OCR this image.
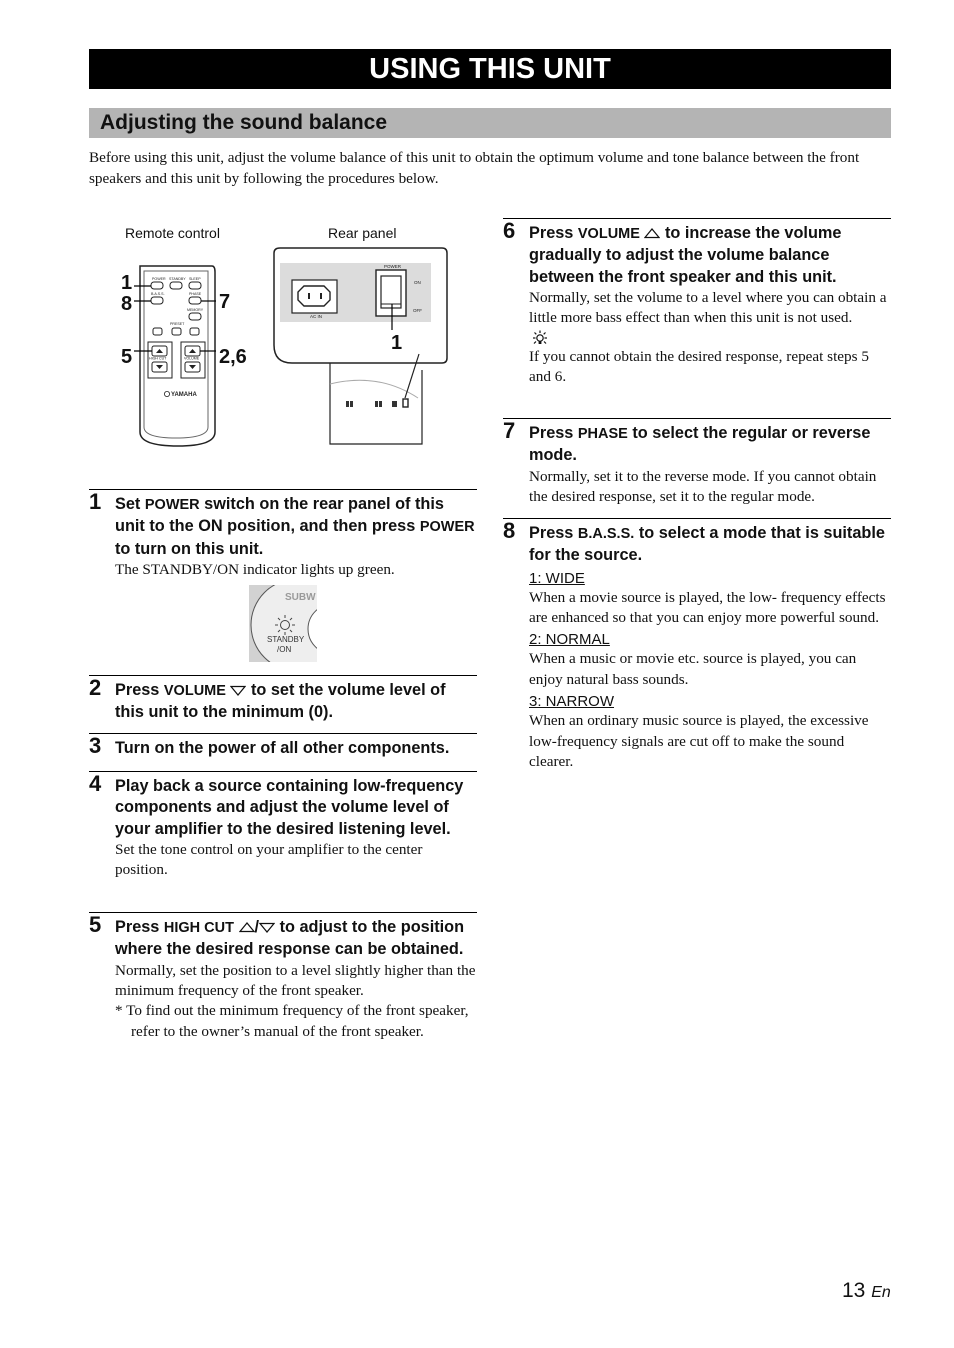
USING THIS UNIT
Adjusting the sound balance

Before using this unit, adjust the volume balance of this unit to obtain the optimum volume and tone balance between the front speakers and this unit by following the procedures below.

Remote control	Rear panel
POWER STANDBY SLEEP
B.A.S.S.	PHASE
MEMORY
PRESET
HIGH CUT	VOLUME
YAMAHA
1
8	7
5	2,6
POWER
ON
OFF
AC IN
1
1 Set POWER switch on the rear panel of this unit to the ON position, and then press POWER to turn on this unit.

The STANDBY/ON indicator lights up green.

SUBW
STANDBY
/ON
2 Press VOLUME  to set the volume level of this unit to the minimum (0).

3 Turn on the power of all other components.

4 Play back a source containing low-frequency components and adjust the volume level of your amplifier to the desired listening level.

Set the tone control on your amplifier to the center position.

5 Press HIGH CUT / to adjust to the position where the desired response can be obtained.

Normally, set the position to a level slightly higher than the minimum frequency of the front speaker.

* To find out the minimum frequency of the front speaker, refer to the owner’s manual of the front speaker.

6 Press VOLUME  to increase the volume gradually to adjust the volume balance between the front speaker and this unit.

Normally, set the volume to a level where you can obtain a little more bass effect than when this unit is not used.

If you cannot obtain the desired response, repeat steps 5 and 6.

7 Press PHASE to select the regular or reverse mode.

Normally, set it to the reverse mode. If you cannot obtain the desired response, set it to the regular mode.

8 Press B.A.S.S. to select a mode that is suitable for the source.

1: WIDE

When a movie source is played, the low- frequency effects are enhanced so that you can enjoy more powerful sound.

2: NORMAL

When a music or movie etc. source is played, you can enjoy natural bass sounds.

3: NARROW

When an ordinary music source is played, the excessive low-frequency signals are cut off to make the sound clearer.

13 En
